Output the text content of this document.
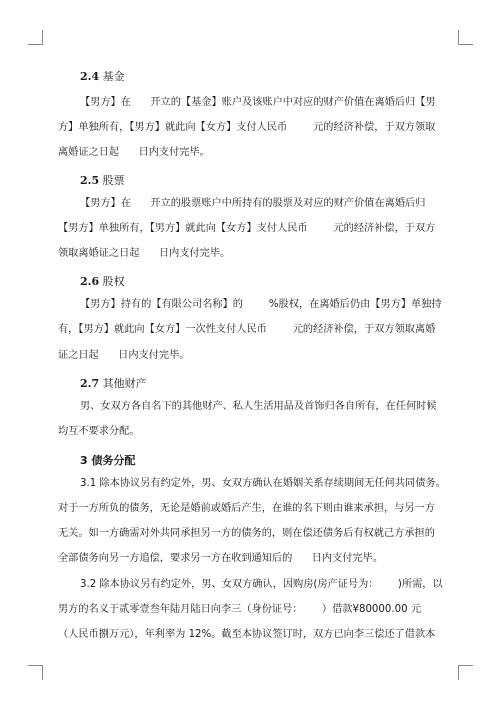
2.4 基金
【男方】在      开立的【基金】账户及该账户中对应的财产价值在离婚后归【男
方】单独所有，【男方】就此向【女方】支付人民币        元的经济补偿，于双方领取
离婚证之日起      日内支付完毕。
2.5 股票
【男方】在      开立的股票账户中所持有的股票及对应的财产价值在离婚后归
【男方】单独所有，【男方】就此向【女方】支付人民币        元的经济补偿，于双方
领取离婚证之日起      日内支付完毕。
2.6 股权
【男方】持有的【有限公司名称】的        %股权，在离婚后仍由【男方】单独持
有，【男方】就此向【女方】一次性支付人民币        元的经济补偿，于双方领取离婚
证之日起      日内支付完毕。
2.7 其他财产
男、女双方各自名下的其他财产、私人生活用品及首饰归各自所有，在任何时候
均互不要求分配。
3 债务分配
3.1 除本协议另有约定外，男、女双方确认在婚姻关系存续期间无任何共同债务。
对于一方所负的债务，无论是婚前或婚后产生，在谁的名下则由谁来承担，与另一方
无关。如一方确需对外共同承担另一方的债务的，则在偿还债务后有权就己方承担的
全部债务向另一方追偿，要求另一方在收到通知后的      日内支付完毕。
3.2 除本协议另有约定外，男、女双方确认，因购房(房产证号为：      )所需，以
男方的名义于贰零壹叁年陆月陆日向李三（身份证号：      ）借款¥80000.00 元
（人民币捌万元），年利率为 12%。截至本协议签订时，双方已向李三偿还了借款本
